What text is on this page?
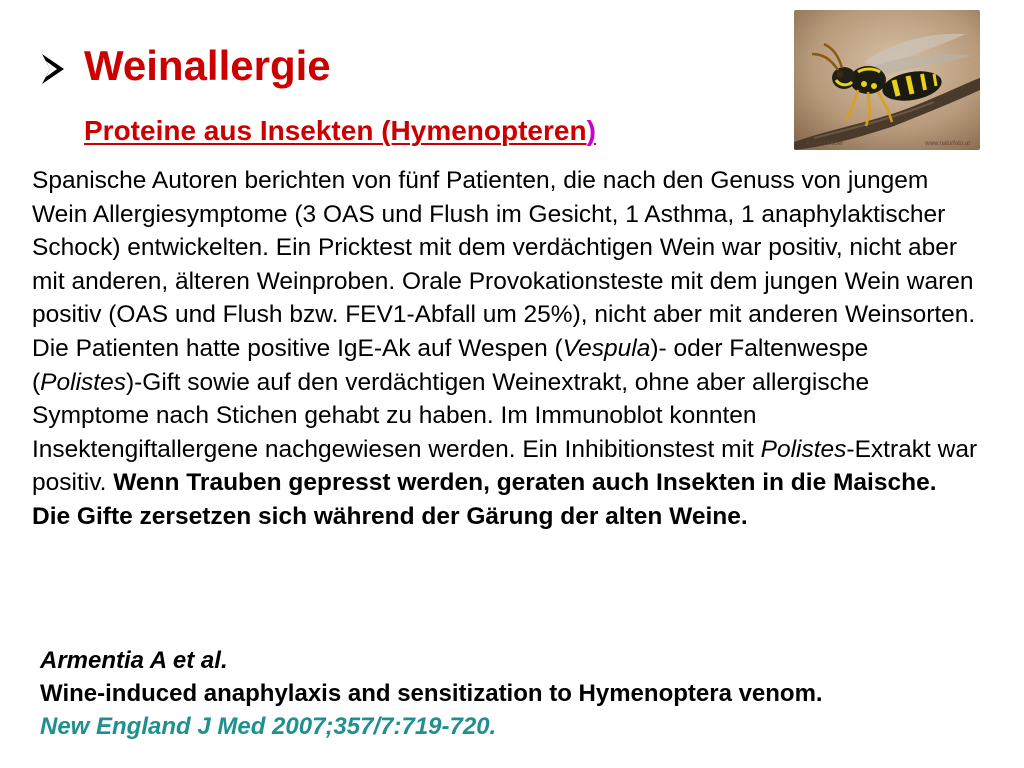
Weinallergie
Proteine aus Insekten (Hymenopteren)	© Pixel Milder	www.naturfoto.at

Spanische Autoren berichten von fünf Patienten, die nach den Genuss von jungem Wein Allergiesymptome (3 OAS und Flush im Gesicht, 1 Asthma, 1 anaphylaktischer Schock) entwickelten. Ein Pricktest mit dem verdächtigen Wein war positiv, nicht aber mit anderen, älteren Weinproben. Orale Provokationsteste mit dem jungen Wein waren positiv (OAS und Flush bzw. FEV1-Abfall um 25%), nicht aber mit anderen Weinsorten. Die Patienten hatte positive IgE-Ak auf Wespen (Vespula)- oder Faltenwespe (Polistes)-Gift sowie auf den verdächtigen Weinextrakt, ohne aber allergische Symptome nach Stichen gehabt zu haben. Im Immunoblot konnten Insektengiftallergene nachgewiesen werden. Ein Inhibitionstest mit Polistes-Extrakt war positiv. Wenn Trauben gepresst werden, geraten auch Insekten in die Maische.
Die Gifte zersetzen sich während der Gärung der alten Weine.

Armentia A et al.
Wine-induced anaphylaxis and sensitization to Hymenoptera venom.
New England J Med 2007;357/7:719-720.
